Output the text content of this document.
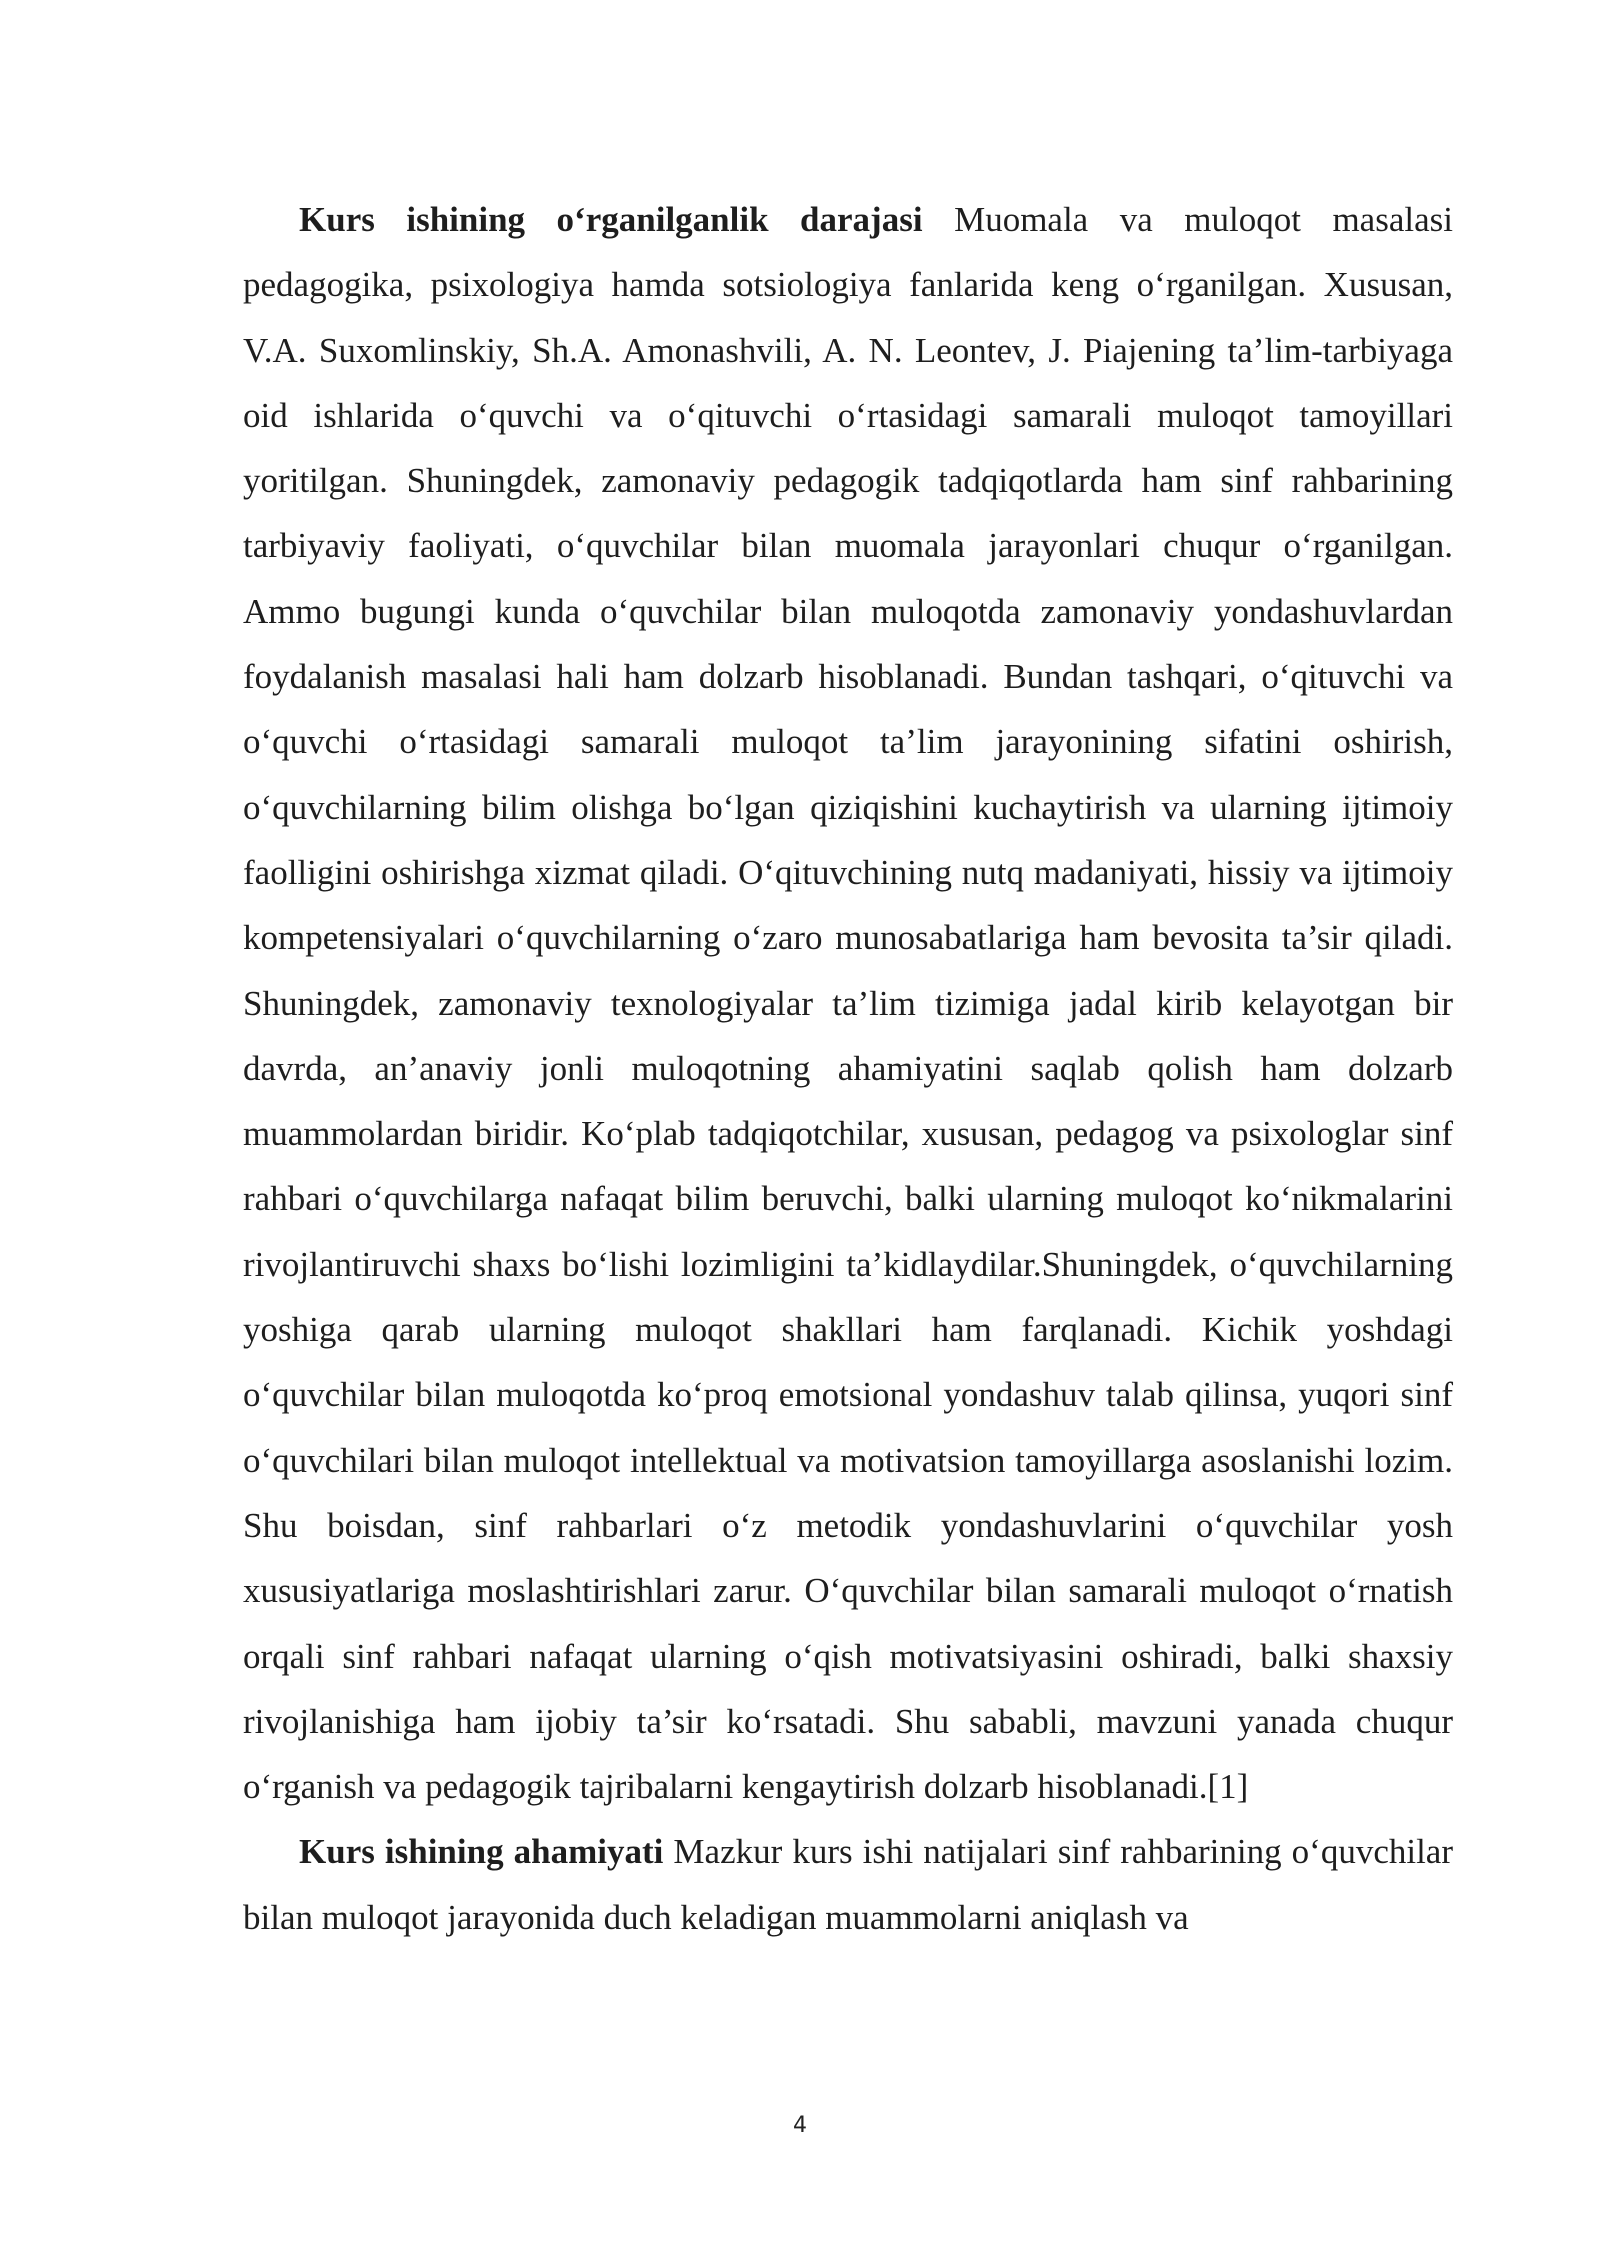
Kurs ishining o‘rganilganlik darajasi Muomala va muloqot masalasi pedagogika, psixologiya hamda sotsiologiya fanlarida keng o‘rganilgan. Xususan, V.A. Suxomlinskiy, Sh.A. Amonashvili, A. N. Leontev, J. Piajening ta’lim-tarbiyaga oid ishlarida o‘quvchi va o‘qituvchi o‘rtasidagi samarali muloqot tamoyillari yoritilgan. Shuningdek, zamonaviy pedagogik tadqiqotlarda ham sinf rahbarining tarbiyaviy faoliyati, o‘quvchilar bilan muomala jarayonlari chuqur o‘rganilgan. Ammo bugungi kunda o‘quvchilar bilan muloqotda zamonaviy yondashuvlardan foydalanish masalasi hali ham dolzarb hisoblanadi. Bundan tashqari, o‘qituvchi va o‘quvchi o‘rtasidagi samarali muloqot ta’lim jarayonining sifatini oshirish, o‘quvchilarning bilim olishga bo‘lgan qiziqishini kuchaytirish va ularning ijtimoiy faolligini oshirishga xizmat qiladi. O‘qituvchining nutq madaniyati, hissiy va ijtimoiy kompetensiyalari o‘quvchilarning o‘zaro munosabatlariga ham bevosita ta’sir qiladi. Shuningdek, zamonaviy texnologiyalar ta’lim tizimiga jadal kirib kelayotgan bir davrda, an’anaviy jonli muloqotning ahamiyatini saqlab qolish ham dolzarb muammolardan biridir. Ko‘plab tadqiqotchilar, xususan, pedagog va psixologlar sinf rahbari o‘quvchilarga nafaqat bilim beruvchi, balki ularning muloqot ko‘nikmalarini rivojlantiruvchi shaxs bo‘lishi lozimligini ta’kidlaydilar.Shuningdek, o‘quvchilarning yoshiga qarab ularning muloqot shakllari ham farqlanadi. Kichik yoshdagi o‘quvchilar bilan muloqotda ko‘proq emotsional yondashuv talab qilinsa, yuqori sinf o‘quvchilari bilan muloqot intellektual va motivatsion tamoyillarga asoslanishi lozim. Shu boisdan, sinf rahbarlari o‘z metodik yondashuvlarini o‘quvchilar yosh xususiyatlariga moslashtirishlari zarur. O‘quvchilar bilan samarali muloqot o‘rnatish orqali sinf rahbari nafaqat ularning o‘qish motivatsiyasini oshiradi, balki shaxsiy rivojlanishiga ham ijobiy ta’sir ko‘rsatadi. Shu sababli, mavzuni yanada chuqur o‘rganish va pedagogik tajribalarni kengaytirish dolzarb hisoblanadi.[1]

Kurs ishining ahamiyati Mazkur kurs ishi natijalari sinf rahbarining o‘quvchilar bilan muloqot jarayonida duch keladigan muammolarni aniqlash va

4
